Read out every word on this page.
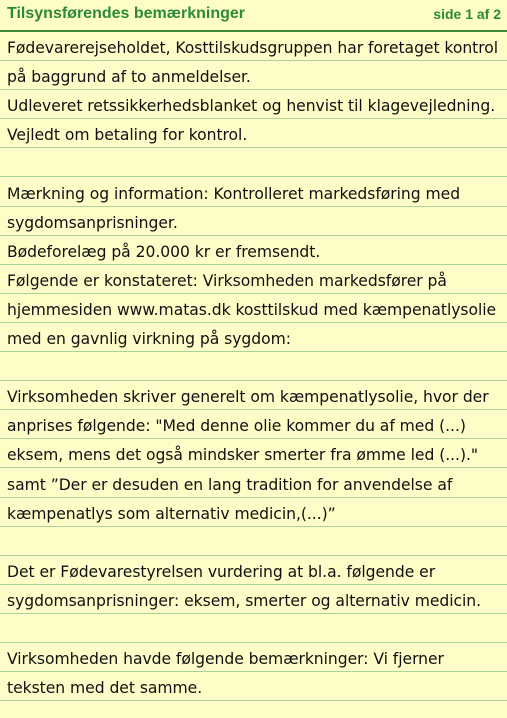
Tilsynsførendes bemærkninger	side 1 af 2
Fødevarerejseholdet, Kosttilskudsgruppen har foretaget kontrol
på baggrund af to anmeldelser.
Udleveret retssikkerhedsblanket og henvist til klagevejledning.
Vejledt om betaling for kontrol.
Mærkning og information: Kontrolleret markedsføring med
sygdomsanprisninger.
Bødeforelæg på 20.000 kr er fremsendt.
Følgende er konstateret: Virksomheden markedsfører på
hjemmesiden www.matas.dk kosttilskud med kæmpenatlysolie
med en gavnlig virkning på sygdom:
Virksomheden skriver generelt om kæmpenatlysolie, hvor der
anprises følgende: "Med denne olie kommer du af med (...)
eksem, mens det også mindsker smerter fra ømme led (...)."
samt ”Der er desuden en lang tradition for anvendelse af
kæmpenatlys som alternativ medicin,(...)”
Det er Fødevarestyrelsen vurdering at bl.a. følgende er
sygdomsanprisninger: eksem, smerter og alternativ medicin.
Virksomheden havde følgende bemærkninger: Vi fjerner
teksten med det samme.
